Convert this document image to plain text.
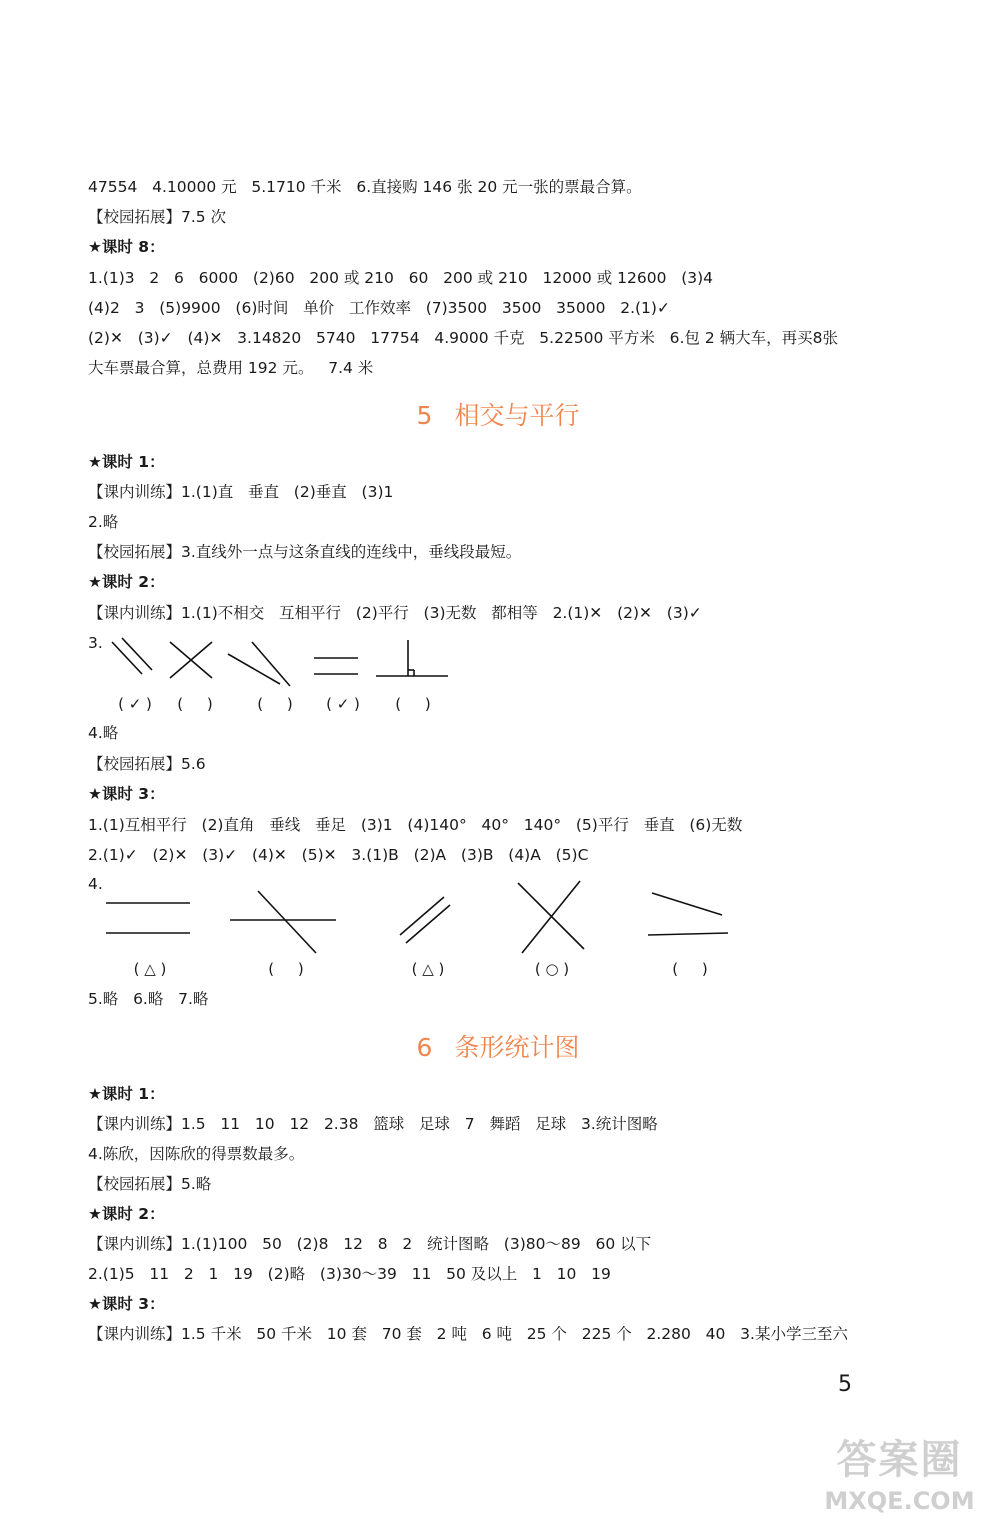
47554   4.10000 元   5.1710 千米   6.直接购 146 张 20 元一张的票最合算。
【校园拓展】7.5 次
★课时 8：
1.(1)3   2   6   6000   (2)60   200 或 210   60   200 或 210   12000 或 12600   (3)4
(4)2   3   (5)9900   (6)时间   单价   工作效率   (7)3500   3500   35000   2.(1)✓
(2)✕   (3)✓   (4)✕   3.14820   5740   17754   4.9000 千克   5.22500 平方米   6.包 2 辆大车，再买8张
大车票最合算，总费用 192 元。   7.4 米
5 相交与平行
★课时 1：
【课内训练】1.(1)直   垂直   (2)垂直   (3)1
2.略
【校园拓展】3.直线外一点与这条直线的连线中，垂线段最短。
★课时 2：
【课内训练】1.(1)不相交   互相平行   (2)平行   (3)无数   都相等   2.(1)✕   (2)✕   (3)✓
3.
( ✓ )	(     )	(     )	( ✓ )	(     )
4.略
【校园拓展】5.6
★课时 3：
1.(1)互相平行   (2)直角   垂线   垂足   (3)1   (4)140°   40°   140°   (5)平行   垂直   (6)无数
2.(1)✓   (2)✕   (3)✓   (4)✕   (5)✕   3.(1)B   (2)A   (3)B   (4)A   (5)C
4.
( △ )	(     )	( △ )	( ○ )	(     )
5.略   6.略   7.略
6 条形统计图
★课时 1：
【课内训练】1.5   11   10   12   2.38   篮球   足球   7   舞蹈   足球   3.统计图略
4.陈欣，因陈欣的得票数最多。
【校园拓展】5.略
★课时 2：
【课内训练】1.(1)100   50   (2)8   12   8   2   统计图略   (3)80～89   60 以下
2.(1)5   11   2   1   19   (2)略   (3)30～39   11   50 及以上   1   10   19
★课时 3：
【课内训练】1.5 千米   50 千米   10 套   70 套   2 吨   6 吨   25 个   225 个   2.280   40   3.某小学三至六
5
答案圈
MXQE.COM
